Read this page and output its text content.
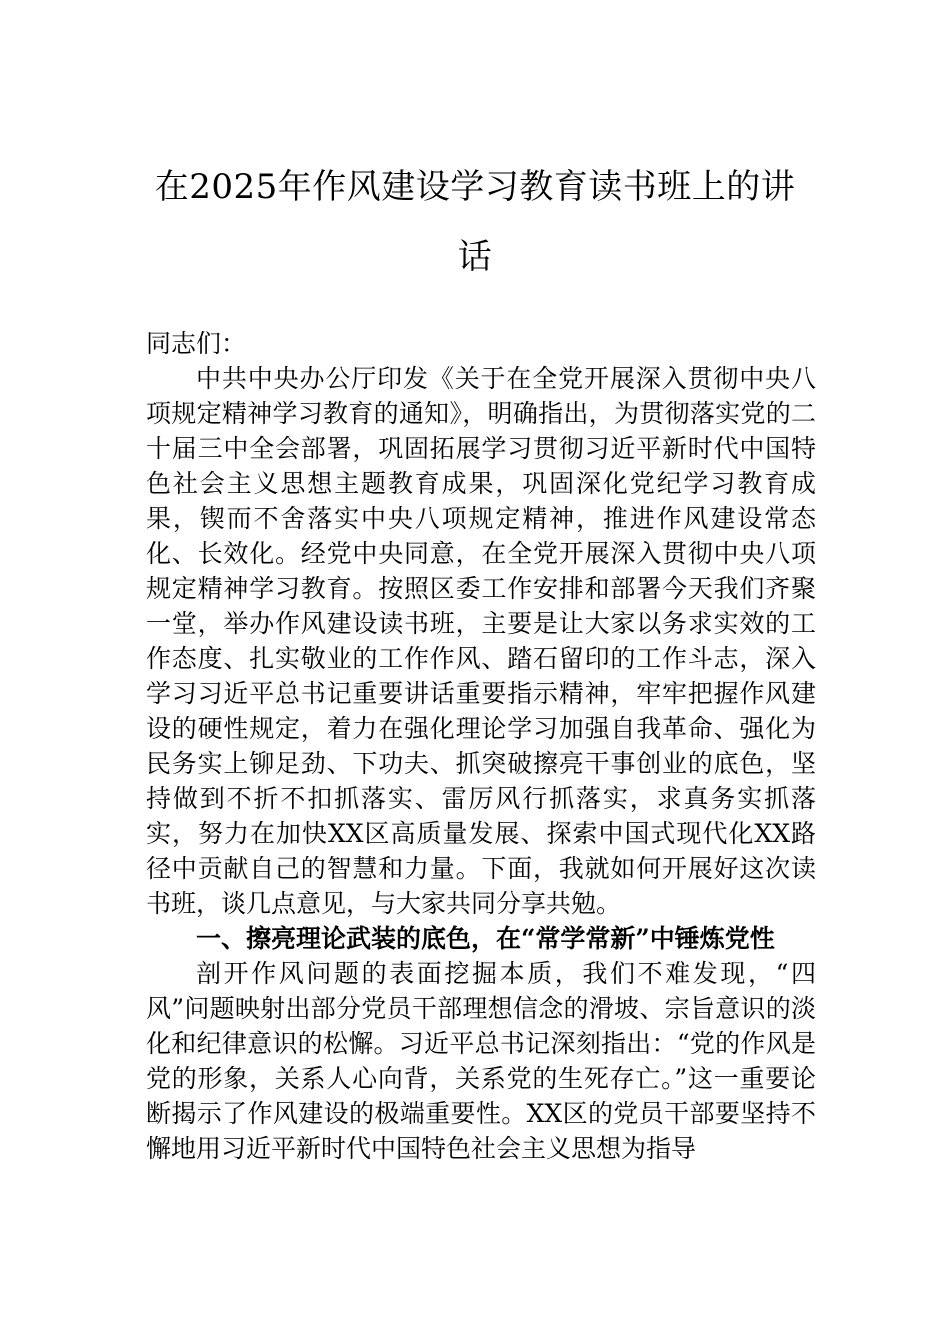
在2025年作风建设学习教育读书班上的讲话

同志们：

中共中央办公厅印发《关于在全党开展深入贯彻中央八项规定精神学习教育的通知》，明确指出，为贯彻落实党的二十届三中全会部署，巩固拓展学习贯彻习近平新时代中国特色社会主义思想主题教育成果，巩固深化党纪学习教育成果，锲而不舍落实中央八项规定精神，推进作风建设常态化、长效化。经党中央同意，在全党开展深入贯彻中央八项规定精神学习教育。按照区委工作安排和部署今天我们齐聚一堂，举办作风建设读书班，主要是让大家以务求实效的工作态度、扎实敬业的工作作风、踏石留印的工作斗志，深入学习习近平总书记重要讲话重要指示精神，牢牢把握作风建设的硬性规定，着力在强化理论学习加强自我革命、强化为民务实上铆足劲、下功夫、抓突破擦亮干事创业的底色，坚持做到不折不扣抓落实、雷厉风行抓落实，求真务实抓落实，努力在加快XX区高质量发展、探索中国式现代化XX路径中贡献自己的智慧和力量。下面，我就如何开展好这次读书班，谈几点意见，与大家共同分享共勉。

一、擦亮理论武装的底色，在“常学常新”中锤炼党性

剖开作风问题的表面挖掘本质，我们不难发现，“四风”问题映射出部分党员干部理想信念的滑坡、宗旨意识的淡化和纪律意识的松懈。习近平总书记深刻指出：“党的作风是党的形象，关系人心向背，关系党的生死存亡。”这一重要论断揭示了作风建设的极端重要性。XX区的党员干部要坚持不懈地用习近平新时代中国特色社会主义思想为指导
